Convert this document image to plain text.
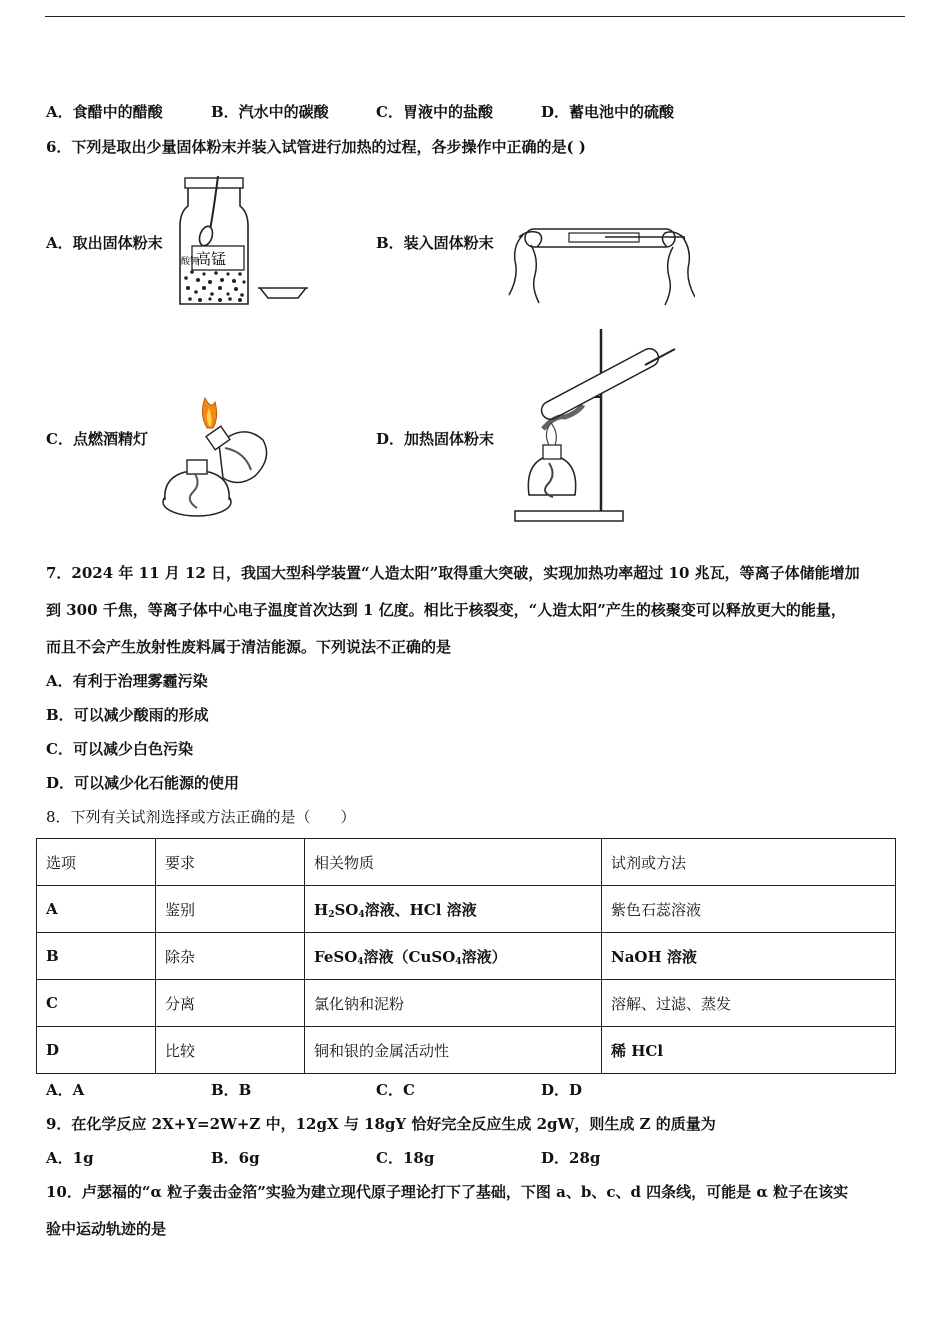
A．食醋中的醋酸	B．汽水中的碳酸	C．胃液中的盐酸	D．蓄电池中的硫酸
6．下列是取出少量固体粉末并装入试管进行加热的过程，各步操作中正确的是( )
A．取出固体粉末	B．装入固体粉末
C．点燃酒精灯	D．加热固体粉末
高锰
酸钾
7．2024 年 11 月 12 日，我国大型科学装置“人造太阳”取得重大突破，实现加热功率超过 10 兆瓦，等离子体储能增加
到 300 千焦，等离子体中心电子温度首次达到 1 亿度。相比于核裂变，“人造太阳”产生的核聚变可以释放更大的能量，
而且不会产生放射性废料属于清洁能源。下列说法不正确的是
A．有利于治理雾霾污染
B．可以减少酸雨的形成
C．可以减少白色污染
D．可以减少化石能源的使用
8．下列有关试剂选择或方法正确的是（　　）
选项	要求	相关物质	试剂或方法
A	鉴别	$H_2SO_4$溶液、HCl 溶液	紫色石蕊溶液
B	除杂	FeSO$_4$溶液（CuSO$_4$溶液）	NaOH 溶液
C	分离	氯化钠和泥粉	溶解、过滤、蒸发
D	比较	铜和银的金属活动性	稀 HCl
A．A	B．B	C．C	D．D
9．在化学反应 2X+Y=2W+Z 中，12gX 与 18gY 恰好完全反应生成 2gW，则生成 Z 的质量为
A．1g	B．6g	C．18g	D．28g
10．卢瑟福的“α 粒子轰击金箔”实验为建立现代原子理论打下了基础，下图 a、b、c、d 四条线，可能是 α 粒子在该实
验中运动轨迹的是
